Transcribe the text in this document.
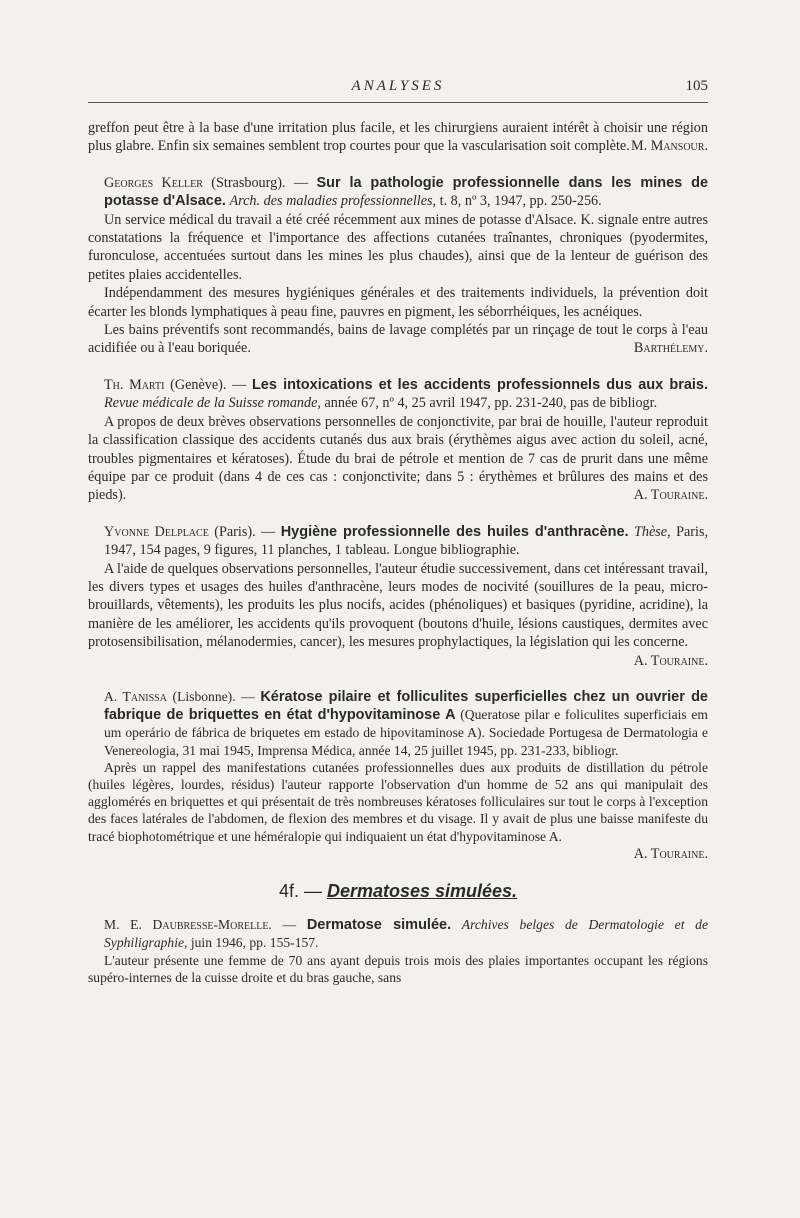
ANALYSES	105

greffon peut être à la base d'une irritation plus facile, et les chirurgiens auraient intérêt à choisir une région plus glabre. Enfin six semaines semblent trop courtes pour que la vascularisation soit complète. M. Mansour.

Georges Keller (Strasbourg). — Sur la pathologie professionnelle dans les mines de potasse d'Alsace. Arch. des maladies professionnelles, t. 8, nº 3, 1947, pp. 250-256.

Un service médical du travail a été créé récemment aux mines de potasse d'Alsace. K. signale entre autres constatations la fréquence et l'importance des affections cutanées traînantes, chroniques (pyodermites, furonculose, accentuées surtout dans les mines les plus chaudes), ainsi que de la lenteur de guérison des petites plaies accidentelles.

Indépendamment des mesures hygiéniques générales et des traitements individuels, la prévention doit écarter les blonds lymphatiques à peau fine, pauvres en pigment, les séborrhéiques, les acnéiques.

Les bains préventifs sont recommandés, bains de lavage complétés par un rinçage de tout le corps à l'eau acidifiée ou à l'eau boriquée.	Barthélemy.

Th. Marti (Genève). — Les intoxications et les accidents professionnels dus aux brais. Revue médicale de la Suisse romande, année 67, nº 4, 25 avril 1947, pp. 231-240, pas de bibliogr.

A propos de deux brèves observations personnelles de conjonctivite, par brai de houille, l'auteur reproduit la classification classique des accidents cutanés dus aux brais (érythèmes aigus avec action du soleil, acné, troubles pigmentaires et kératoses). Étude du brai de pétrole et mention de 7 cas de prurit dans une même équipe par ce produit (dans 4 de ces cas : conjonctivite; dans 5 : érythèmes et brûlures des mains et des pieds).	A. Touraine.

Yvonne Delplace (Paris). — Hygiène professionnelle des huiles d'anthracène. Thèse, Paris, 1947, 154 pages, 9 figures, 11 planches, 1 tableau. Longue bibliographie.

A l'aide de quelques observations personnelles, l'auteur étudie successivement, dans cet intéressant travail, les divers types et usages des huiles d'anthracène, leurs modes de nocivité (souillures de la peau, micro-brouillards, vêtements), les produits les plus nocifs, acides (phénoliques) et basiques (pyridine, acridine), la manière de les améliorer, les accidents qu'ils provoquent (boutons d'huile, lésions caustiques, dermites avec protosensibilisation, mélanodermies, cancer), les mesures prophylactiques, la législation qui les concerne.

A. Touraine.

A. Tanissa (Lisbonne). — Kératose pilaire et folliculites superficielles chez un ouvrier de fabrique de briquettes en état d'hypovitaminose A (Queratose pilar e foliculites superficiais em um operário de fábrica de briquetes em estado de hipovitaminose A). Sociedade Portugesa de Dermatologia e Venereologia, 31 mai 1945, Imprensa Médica, année 14, 25 juillet 1945, pp. 231-233, bibliogr.

Après un rappel des manifestations cutanées professionnelles dues aux produits de distillation du pétrole (huiles légères, lourdes, résidus) l'auteur rapporte l'observation d'un homme de 52 ans qui manipulait des agglomérés en briquettes et qui présentait de très nombreuses kératoses folliculaires sur tout le corps à l'exception des faces latérales de l'abdomen, de flexion des membres et du visage. Il y avait de plus une baisse manifeste du tracé biophotométrique et une héméralopie qui indiquaient un état d'hypovitaminose A.

A. Touraine.
4f. — Dermatoses simulées.

M. E. Daubresse-Morelle. — Dermatose simulée. Archives belges de Dermatologie et de Syphiligraphie, juin 1946, pp. 155-157.

L'auteur présente une femme de 70 ans ayant depuis trois mois des plaies importantes occupant les régions supéro-internes de la cuisse droite et du bras gauche, sans
